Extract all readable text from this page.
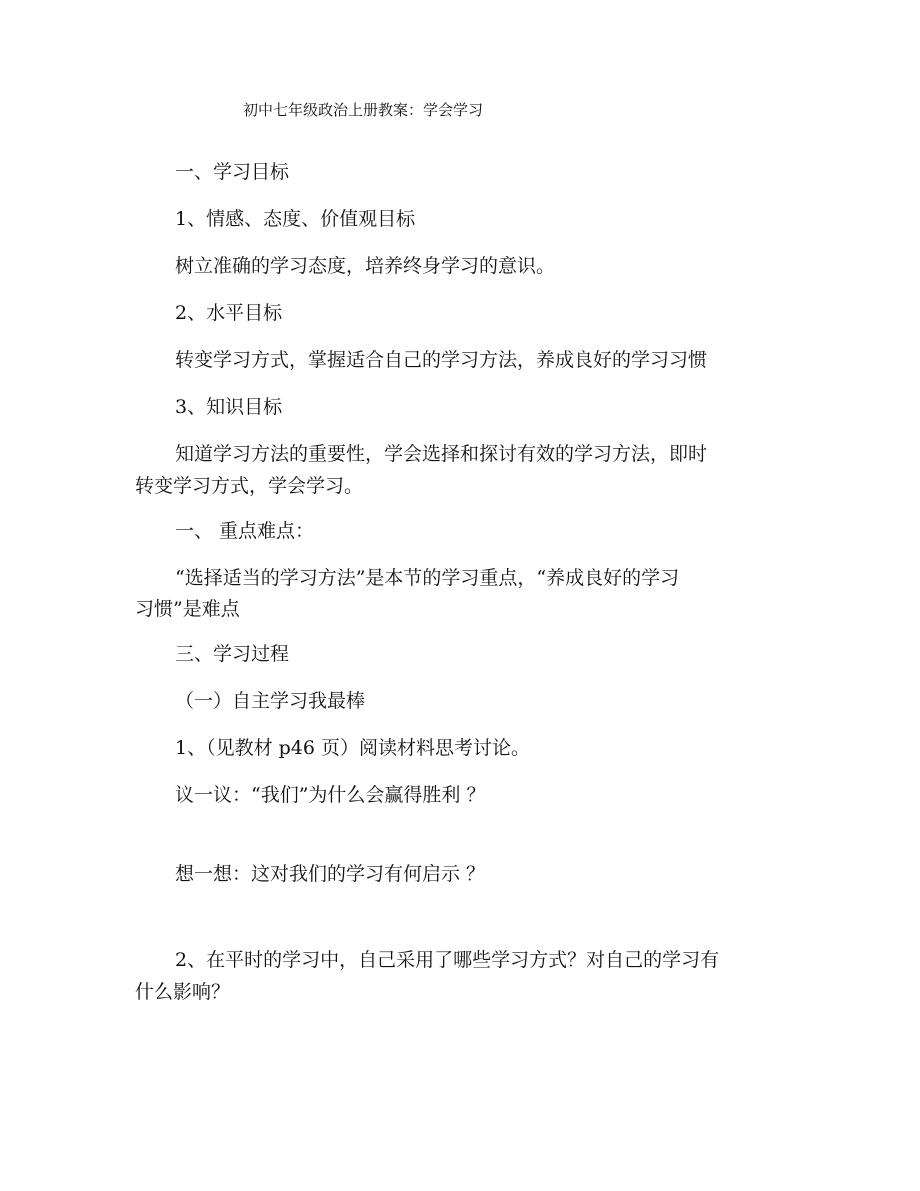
初中七年级政治上册教案：学会学习
一、学习目标
1、情感、态度、价值观目标
树立准确的学习态度，培养终身学习的意识。
2、水平目标
转变学习方式，掌握适合自己的学习方法，养成良好的学习习惯
3、知识目标
知道学习方法的重要性，学会选择和探讨有效的学习方法，即时
转变学习方式，学会学习。
一、 重点难点：
“选择适当的学习方法”是本节的学习重点，“养成良好的学习
习惯”是难点
三、学习过程
（一）自主学习我最棒
1、（见教材 p46 页）阅读材料思考讨论。
议一议：“我们”为什么会赢得胜利 ？
想一想：这对我们的学习有何启示 ？
2、在平时的学习中，自己采用了哪些学习方式？对自己的学习有
什么影响？
